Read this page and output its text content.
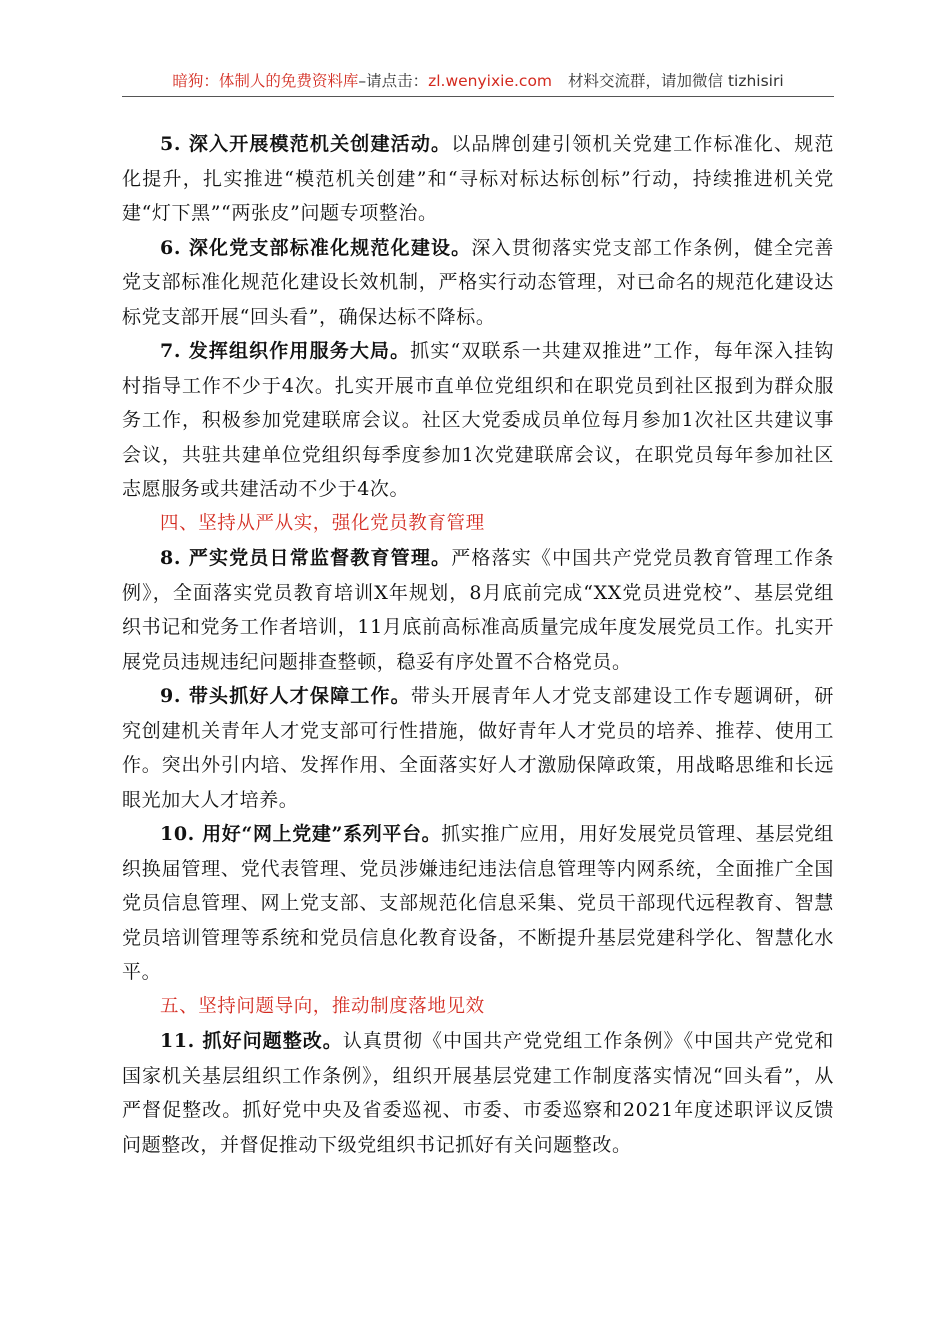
暗狗：体制人的免费资料库–请点击：zl.wenyixie.com 材料交流群，请加微信 tizhisiri

5. 深入开展模范机关创建活动。以品牌创建引领机关党建工作标准化、规范化提升，扎实推进“模范机关创建”和“寻标对标达标创标”行动，持续推进机关党建“灯下黑”“两张皮”问题专项整治。

6. 深化党支部标准化规范化建设。深入贯彻落实党支部工作条例，健全完善党支部标准化规范化建设长效机制，严格实行动态管理，对已命名的规范化建设达标党支部开展“回头看”，确保达标不降标。

7. 发挥组织作用服务大局。抓实“双联系一共建双推进”工作，每年深入挂钩村指导工作不少于4次。扎实开展市直单位党组织和在职党员到社区报到为群众服务工作，积极参加党建联席会议。社区大党委成员单位每月参加1次社区共建议事会议，共驻共建单位党组织每季度参加1次党建联席会议，在职党员每年参加社区志愿服务或共建活动不少于4次。

四、坚持从严从实，强化党员教育管理

8. 严实党员日常监督教育管理。严格落实《中国共产党党员教育管理工作条例》，全面落实党员教育培训X年规划，8月底前完成“XX党员进党校”、基层党组织书记和党务工作者培训，11月底前高标准高质量完成年度发展党员工作。扎实开展党员违规违纪问题排查整顿，稳妥有序处置不合格党员。

9. 带头抓好人才保障工作。带头开展青年人才党支部建设工作专题调研，研究创建机关青年人才党支部可行性措施，做好青年人才党员的培养、推荐、使用工作。突出外引内培、发挥作用、全面落实好人才激励保障政策，用战略思维和长远眼光加大人才培养。

10. 用好“网上党建”系列平台。抓实推广应用，用好发展党员管理、基层党组织换届管理、党代表管理、党员涉嫌违纪违法信息管理等内网系统，全面推广全国党员信息管理、网上党支部、支部规范化信息采集、党员干部现代远程教育、智慧党员培训管理等系统和党员信息化教育设备，不断提升基层党建科学化、智慧化水平。

五、坚持问题导向，推动制度落地见效

11. 抓好问题整改。认真贯彻《中国共产党党组工作条例》《中国共产党党和国家机关基层组织工作条例》，组织开展基层党建工作制度落实情况“回头看”，从严督促整改。抓好党中央及省委巡视、市委、市委巡察和2021年度述职评议反馈问题整改，并督促推动下级党组织书记抓好有关问题整改。
